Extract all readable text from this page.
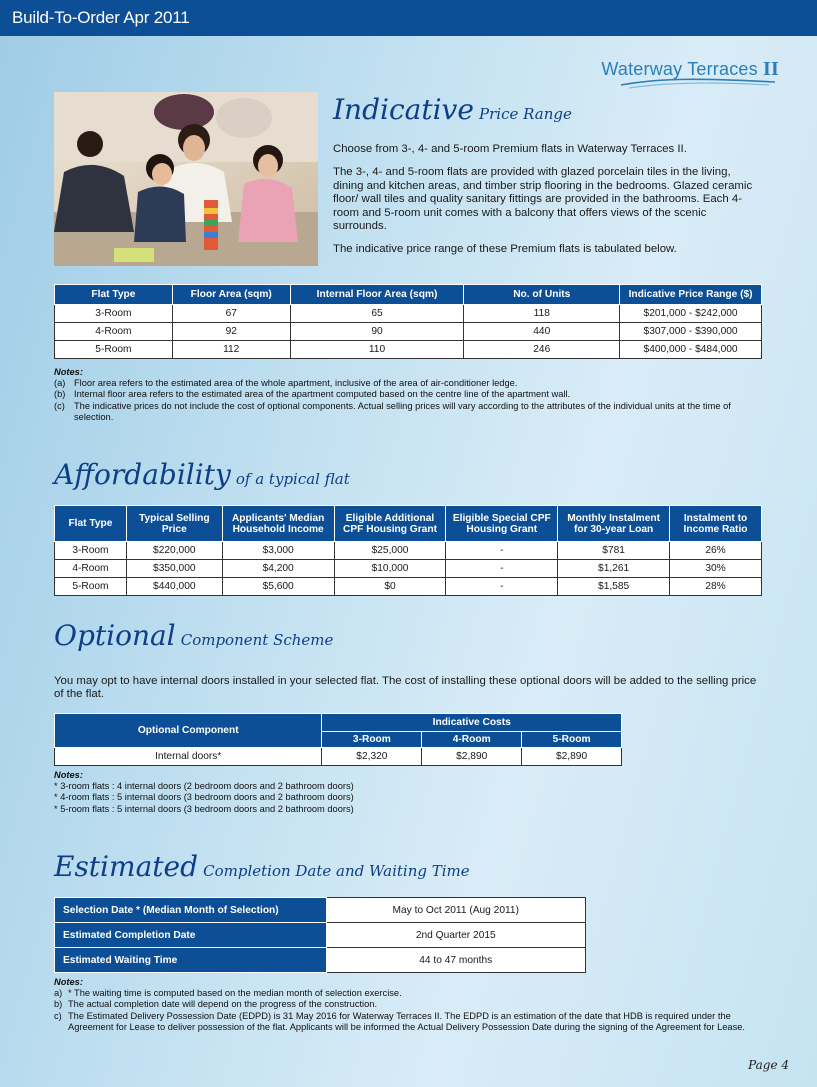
Build-To-Order Apr 2011
Waterway Terraces II
Indicative Price Range

Choose from 3-, 4- and 5-room Premium flats in Waterway Terraces II.

The 3-, 4- and 5-room flats are provided with glazed porcelain tiles in the living, dining and kitchen areas, and timber strip flooring in the bedrooms. Glazed ceramic floor/ wall tiles and quality sanitary fittings are provided in the bathrooms. Each 4-room and 5-room unit comes with a balcony that offers views of the scenic surrounds.

The indicative price range of these Premium flats is tabulated below.

Flat Type	Floor Area (sqm)	Internal Floor Area (sqm)	No. of Units	Indicative Price Range ($)
3-Room	67	65	118	$201,000 - $242,000
4-Room	92	90	440	$307,000 - $390,000
5-Room	112	110	246	$400,000 - $484,000
Notes:
(a) Floor area refers to the estimated area of the whole apartment, inclusive of the area of air-conditioner ledge.
(b) Internal floor area refers to the estimated area of the apartment computed based on the centre line of the apartment wall.
(c) The indicative prices do not include the cost of optional components. Actual selling prices will vary according to the attributes of the individual units at the time of selection.
Affordability of a typical flat
Flat Type	Typical Selling Price	Applicants' Median Household Income	Eligible Additional CPF Housing Grant	Eligible Special CPF Housing Grant	Monthly Instalment for 30-year Loan	Instalment to Income Ratio
3-Room	$220,000	$3,000	$25,000	-	$781	26%
4-Room	$350,000	$4,200	$10,000	-	$1,261	30%
5-Room	$440,000	$5,600	$0	-	$1,585	28%
Optional Component Scheme
You may opt to have internal doors installed in your selected flat. The cost of installing these optional doors will be added to the selling price of the flat.
Optional Component	Indicative Costs		
	3-Room	4-Room	5-Room
Internal doors*	$2,320	$2,890	$2,890
Notes:
* 3-room flats : 4 internal doors (2 bedroom doors and 2 bathroom doors)
* 4-room flats : 5 internal doors (3 bedroom doors and 2 bathroom doors)
* 5-room flats : 5 internal doors (3 bedroom doors and 2 bathroom doors)
Estimated Completion Date and Waiting Time
Selection Date * (Median Month of Selection)	May to Oct 2011 (Aug 2011)
Estimated Completion Date	2nd Quarter 2015
Estimated Waiting Time	44 to 47 months
Notes:
a) * The waiting time is computed based on the median month of selection exercise.
b) The actual completion date will depend on the progress of the construction.
c) The Estimated Delivery Possession Date (EDPD) is 31 May 2016 for Waterway Terraces II. The EDPD is an estimation of the date that HDB is required under the Agreement for Lease to deliver possession of the flat. Applicants will be informed the Actual Delivery Possession Date during the signing of the Agreement for Lease.
Page 4
